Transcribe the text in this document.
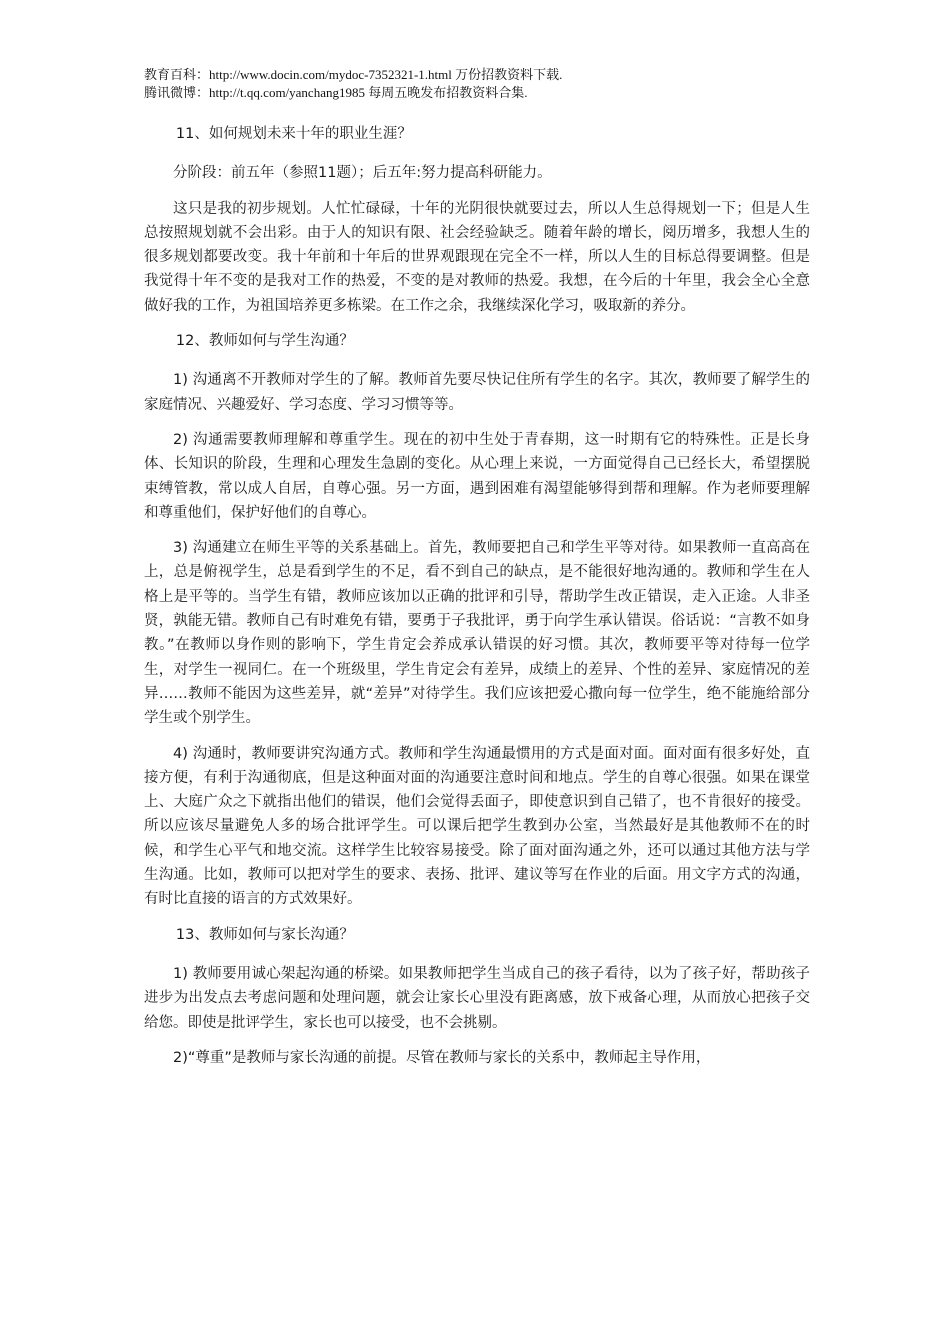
教育百科：http://www.docin.com/mydoc-7352321-1.html 万份招教资料下载.
腾讯微博：http://t.qq.com/yanchang1985 每周五晚发布招教资料合集.

11、如何规划未来十年的职业生涯？

分阶段：前五年（参照11题）；后五年:努力提高科研能力。

这只是我的初步规划。人忙忙碌碌，十年的光阴很快就要过去，所以人生总得规划一下；但是人生总按照规划就不会出彩。由于人的知识有限、社会经验缺乏。随着年龄的增长，阅历增多，我想人生的很多规划都要改变。我十年前和十年后的世界观跟现在完全不一样，所以人生的目标总得要调整。但是我觉得十年不变的是我对工作的热爱，不变的是对教师的热爱。我想，在今后的十年里，我会全心全意做好我的工作，为祖国培养更多栋梁。在工作之余，我继续深化学习，吸取新的养分。

12、教师如何与学生沟通？

1) 沟通离不开教师对学生的了解。教师首先要尽快记住所有学生的名字。其次，教师要了解学生的家庭情况、兴趣爱好、学习态度、学习习惯等等。

2) 沟通需要教师理解和尊重学生。现在的初中生处于青春期，这一时期有它的特殊性。正是长身体、长知识的阶段，生理和心理发生急剧的变化。从心理上来说，一方面觉得自己已经长大，希望摆脱束缚管教，常以成人自居，自尊心强。另一方面，遇到困难有渴望能够得到帮和理解。作为老师要理解和尊重他们，保护好他们的自尊心。

3) 沟通建立在师生平等的关系基础上。首先，教师要把自己和学生平等对待。如果教师一直高高在上，总是俯视学生，总是看到学生的不足，看不到自己的缺点，是不能很好地沟通的。教师和学生在人格上是平等的。当学生有错，教师应该加以正确的批评和引导，帮助学生改正错误，走入正途。人非圣贤，孰能无错。教师自己有时难免有错，要勇于子我批评，勇于向学生承认错误。俗话说：“言教不如身教。”在教师以身作则的影响下，学生肯定会养成承认错误的好习惯。其次，教师要平等对待每一位学生，对学生一视同仁。在一个班级里，学生肯定会有差异，成绩上的差异、个性的差异、家庭情况的差异……教师不能因为这些差异，就“差异”对待学生。我们应该把爱心撒向每一位学生，绝不能施给部分学生或个别学生。

4) 沟通时，教师要讲究沟通方式。教师和学生沟通最惯用的方式是面对面。面对面有很多好处，直接方便，有利于沟通彻底，但是这种面对面的沟通要注意时间和地点。学生的自尊心很强。如果在课堂上、大庭广众之下就指出他们的错误，他们会觉得丢面子，即使意识到自己错了，也不肯很好的接受。所以应该尽量避免人多的场合批评学生。可以课后把学生教到办公室，当然最好是其他教师不在的时候，和学生心平气和地交流。这样学生比较容易接受。除了面对面沟通之外，还可以通过其他方法与学生沟通。比如，教师可以把对学生的要求、表扬、批评、建议等写在作业的后面。用文字方式的沟通，有时比直接的语言的方式效果好。

13、教师如何与家长沟通？

1) 教师要用诚心架起沟通的桥梁。如果教师把学生当成自己的孩子看待，以为了孩子好，帮助孩子进步为出发点去考虑问题和处理问题，就会让家长心里没有距离感，放下戒备心理，从而放心把孩子交给您。即使是批评学生，家长也可以接受，也不会挑剔。

2)“尊重”是教师与家长沟通的前提。尽管在教师与家长的关系中，教师起主导作用，
